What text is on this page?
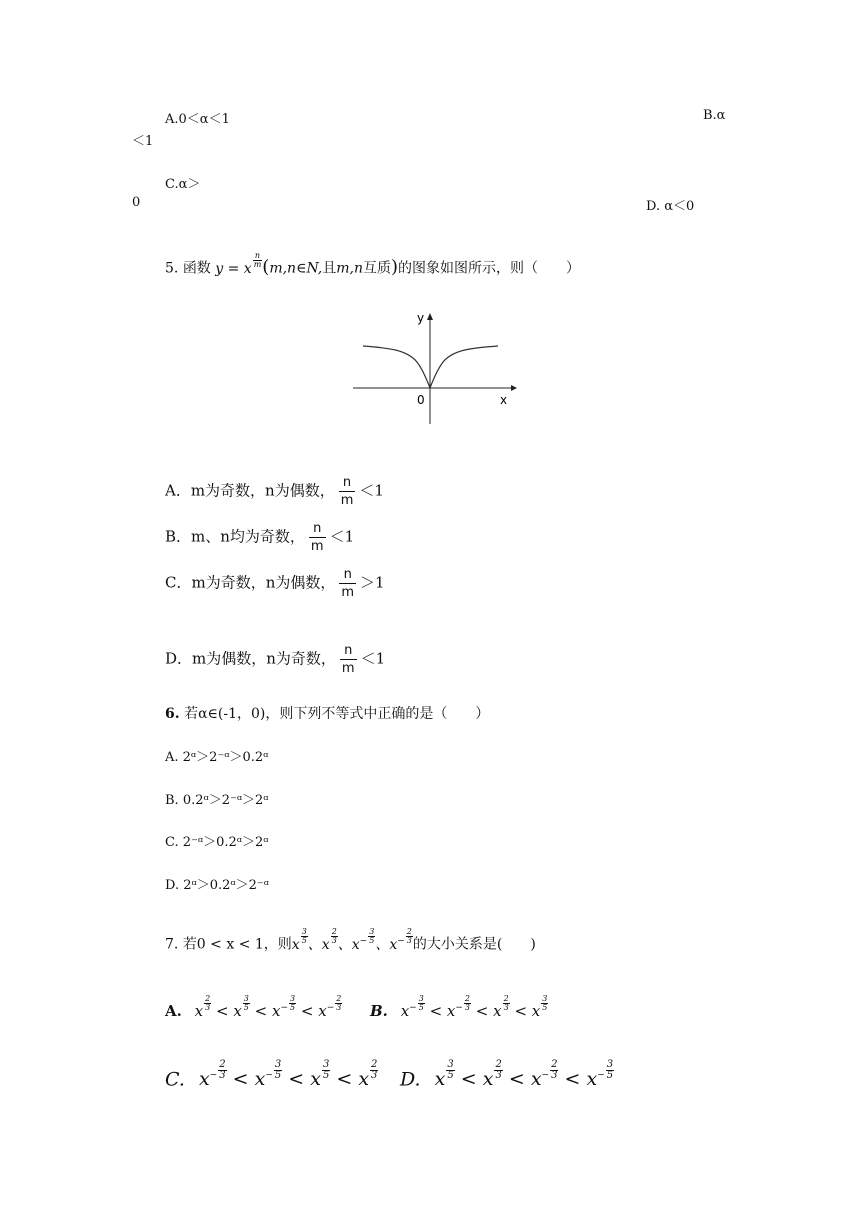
A.0＜α＜1	B.α
＜1
C.α＞
0	D. α＜0
5. 函数 y = x $\frac{n}{m}$ (m,n∈N,且m,n互质)的图象如图所示，则（　　）
y
x
0
A．m为奇数，n为偶数， $\frac{n}{m} <1$
B．m、n均为奇数， $\frac{n}{m} <1$
C．m为奇数，n为偶数， $\frac{n}{m} >1$
D．m为偶数，n为奇数， $\frac{n}{m} <1$
6. 若α∈(-1，0)，则下列不等式中正确的是（　　）
A. 2ᵅ＞2⁻ᵅ＞0.2ᵅ
B. 0.2ᵅ＞2⁻ᵅ＞2ᵅ
C. 2⁻ᵅ＞0.2ᵅ＞2ᵅ
D. 2ᵅ＞0.2ᵅ＞2⁻ᵅ
7. 若0 < x < 1，则x $\frac{3}{5}$ 、x $\frac{2}{3}$ 、$x^- \frac{3}{5}$ 、$x^- \frac{2}{3}$ 的大小关系是(　　)
A. x $\frac{2}{3} < x \frac{3}{5} < x^- \frac{3}{5} < x^- \frac{2}{3} B$. $x^- \frac{3}{5} < x^- \frac{2}{3} < x \frac{2}{3} < x \frac{3}{5}$
C. $x^- \frac{2}{3} < x^- \frac{3}{5} < x \frac{3}{5} < x \frac{2}{3} D$. x $\frac{3}{5} < x \frac{2}{3} < x^- \frac{2}{3} < x^- \frac{3}{5}$
